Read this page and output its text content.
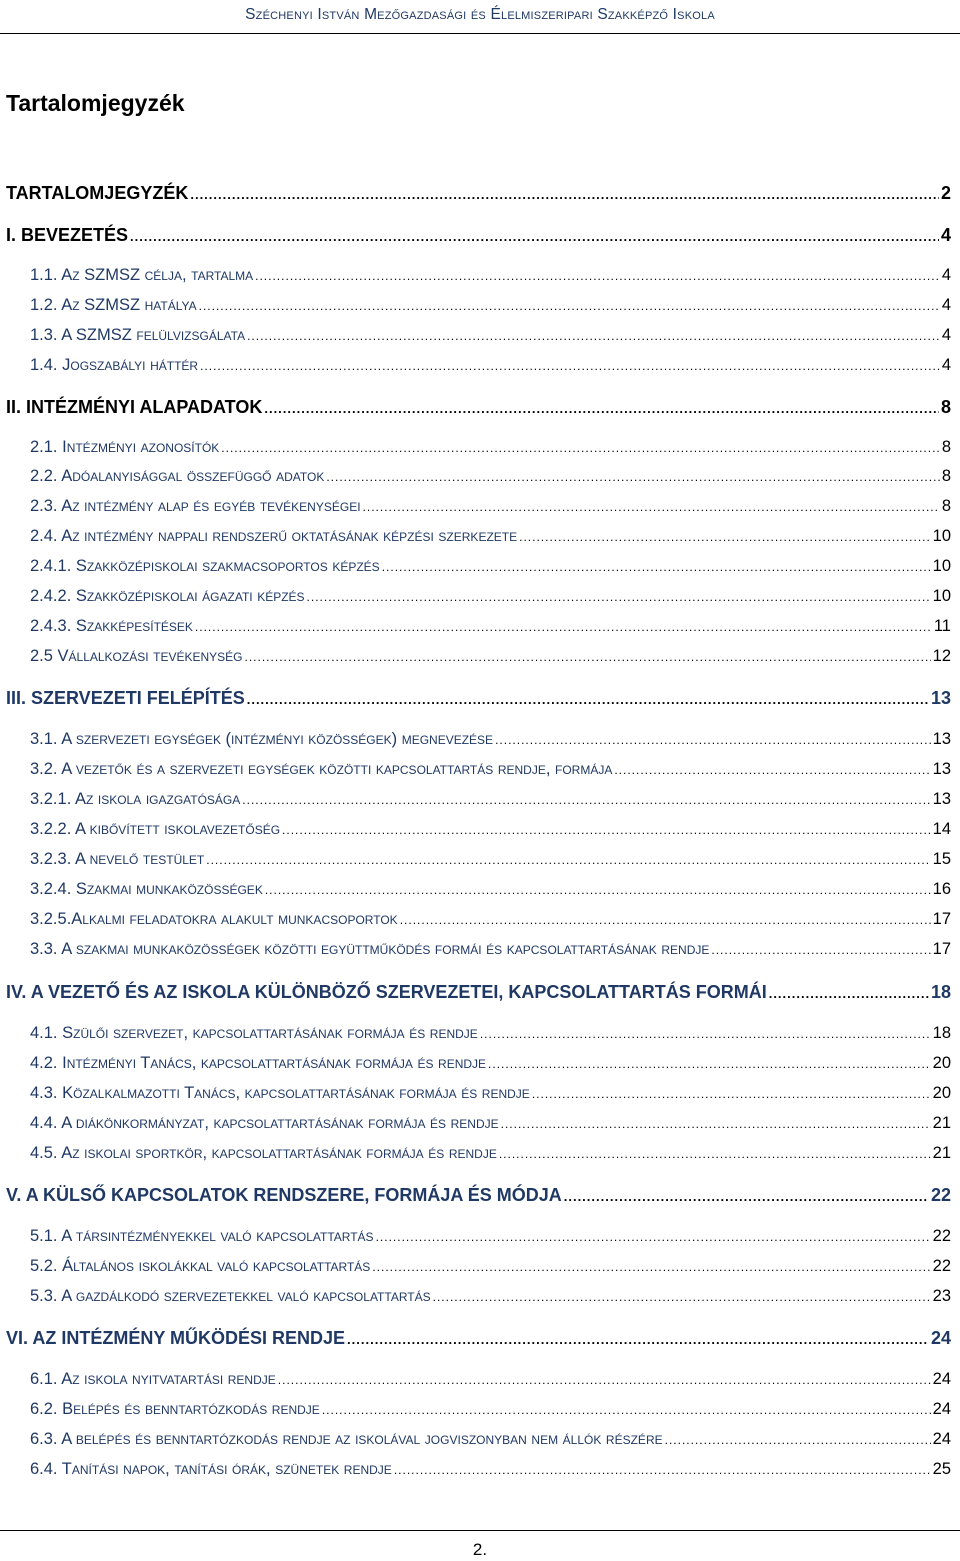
Széchenyi István Mezőgazdasági és Élelmiszeripari Szakképző Iskola
Tartalomjegyzék
TARTALOMJEGYZÉK .....	2
I. BEVEZETÉS .....	4
1.1. Az SZMSZ célja, tartalma .....	4
1.2. Az SZMSZ hatálya .....	4
1.3. A SZMSZ felülvizsgálata .....	4
1.4. Jogszabályi háttér .....	4
II. INTÉZMÉNYI ALAPADATOK .....	8
2.1. Intézményi azonosítók .....	8
2.2. Adóalanyisággal összefüggő adatok .....	8
2.3. Az intézmény alap és egyéb tevékenységei .....	8
2.4. Az intézmény nappali rendszerű oktatásának képzési szerkezete .....	10
2.4.1. Szakközépiskolai szakmacsoportos képzés .....	10
2.4.2. Szakközépiskolai ágazati képzés .....	10
2.4.3. Szakképesítések .....	11
2.5 Vállalkozási tevékenység .....	12
III. SZERVEZETI FELÉPÍTÉS .....	13
3.1. A szervezeti egységek (intézményi közösségek) megnevezése .....	13
3.2. A vezetők és a szervezeti egységek közötti kapcsolattartás rendje, formája .....	13
3.2.1. Az iskola igazgatósága .....	13
3.2.2. A kibővített iskolavezetőség .....	14
3.2.3. A nevelő testület .....	15
3.2.4. Szakmai munkaközösségek .....	16
3.2.5.Alkalmi feladatokra alakult munkacsoportok .....	17
3.3. A szakmai munkaközösségek közötti együttműködés formái és kapcsolattartásának rendje .....	17
IV. A VEZETŐ ÉS AZ ISKOLA KÜLÖNBÖZŐ SZERVEZETEI, KAPCSOLATTARTÁS FORMÁI .....	18
4.1. Szülői szervezet, kapcsolattartásának formája és rendje .....	18
4.2. Intézményi Tanács, kapcsolattartásának formája és rendje .....	20
4.3. Közalkalmazotti Tanács, kapcsolattartásának formája és rendje .....	20
4.4. A diákönkormányzat, kapcsolattartásának formája és rendje .....	21
4.5. Az iskolai sportkör, kapcsolattartásának formája és rendje .....	21
V. A KÜLSŐ KAPCSOLATOK RENDSZERE, FORMÁJA ÉS MÓDJA .....	22
5.1. A társintézményekkel való kapcsolattartás .....	22
5.2. Általános iskolákkal való kapcsolattartás .....	22
5.3. A gazdálkodó szervezetekkel való kapcsolattartás .....	23
VI. AZ INTÉZMÉNY MŰKÖDÉSI RENDJE .....	24
6.1. Az iskola nyitvatartási rendje .....	24
6.2. Belépés és benntartózkodás rendje .....	24
6.3. A belépés és benntartózkodás rendje az iskolával jogviszonyban nem állók részére .....	24
6.4. Tanítási napok, tanítási órák, szünetek rendje .....	25
2.
